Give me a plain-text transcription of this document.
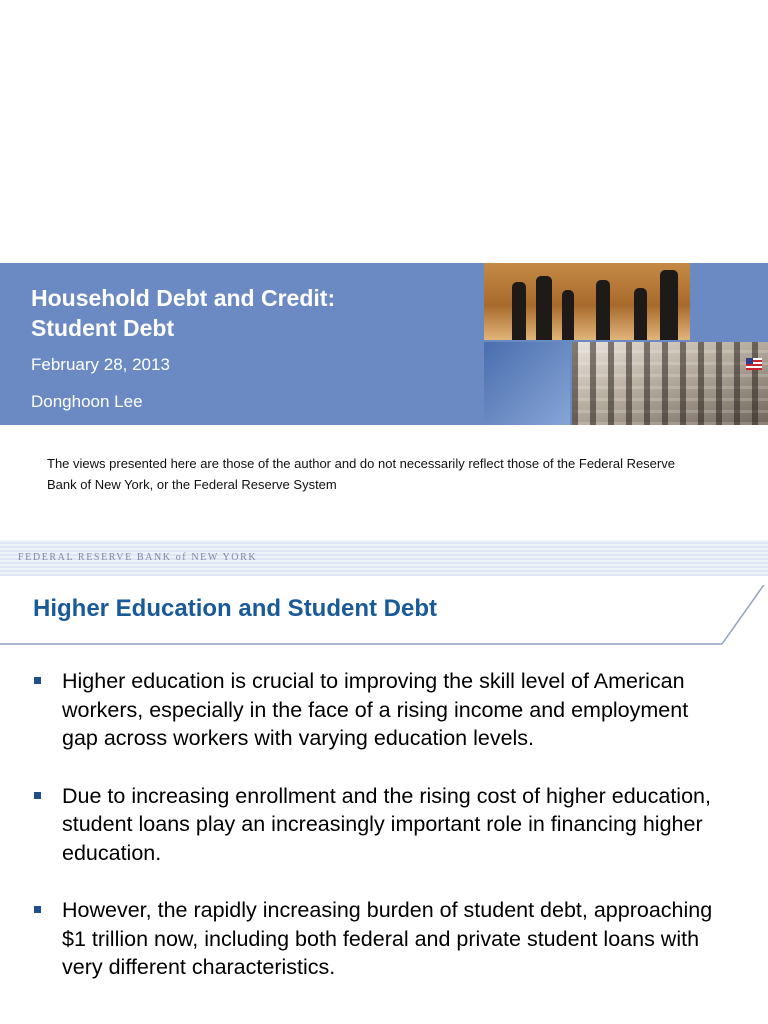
Household Debt and Credit:
Student Debt
February 28, 2013
Donghoon Lee
The views presented here are those of the author and do not necessarily reflect those of the Federal Reserve Bank of New York, or the Federal Reserve System
FEDERAL RESERVE BANK of NEW YORK
Higher Education and Student Debt
Higher education is crucial to improving the skill level of American workers, especially in the face of a rising income and employment gap across workers with varying education levels.
Due to increasing enrollment and the rising cost of higher education, student loans play an increasingly important role in financing higher education.
However, the rapidly increasing burden of student debt, approaching $1 trillion now, including both federal and private student loans with very different characteristics.
